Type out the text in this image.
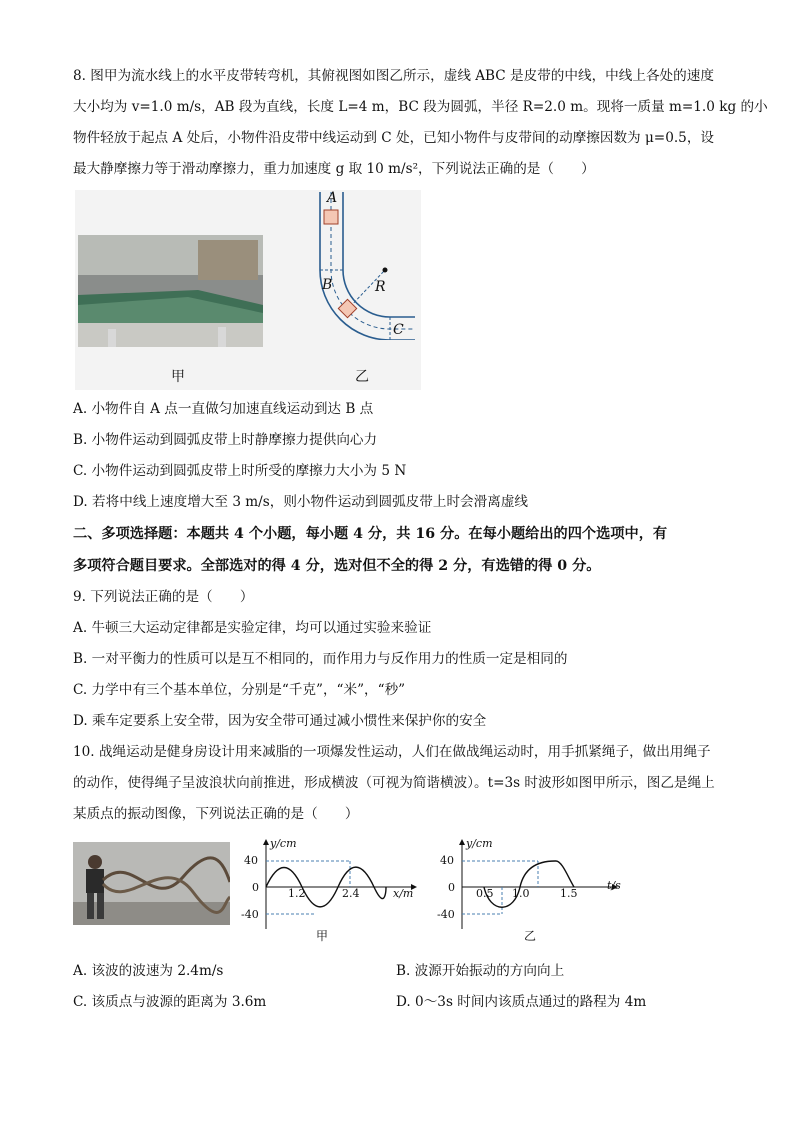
8. 图甲为流水线上的水平皮带转弯机，其俯视图如图乙所示，虚线 ABC 是皮带的中线，中线上各处的速度
大小均为 v=1.0 m/s，AB 段为直线，长度 L=4 m，BC 段为圆弧，半径 R=2.0 m。现将一质量 m=1.0 kg 的小
物件轻放于起点 A 处后，小物件沿皮带中线运动到 C 处，已知小物件与皮带间的动摩擦因数为 μ=0.5，设
最大静摩擦力等于滑动摩擦力，重力加速度 g 取 10 m/s²，下列说法正确的是（　　）
A
B
C
R
甲	乙
A. 小物件自 A 点一直做匀加速直线运动到达 B 点
B. 小物件运动到圆弧皮带上时静摩擦力提供向心力
C. 小物件运动到圆弧皮带上时所受的摩擦力大小为 5 N
D. 若将中线上速度增大至 3 m/s，则小物件运动到圆弧皮带上时会滑离虚线
二、多项选择题：本题共 4 个小题，每小题 4 分，共 16 分。在每小题给出的四个选项中，有
多项符合题目要求。全部选对的得 4 分，选对但不全的得 2 分，有选错的得 0 分。
9. 下列说法正确的是（　　）
A. 牛顿三大运动定律都是实验定律，均可以通过实验来验证
B. 一对平衡力的性质可以是互不相同的，而作用力与反作用力的性质一定是相同的
C. 力学中有三个基本单位，分别是“千克”，“米”，“秒”
D. 乘车定要系上安全带，因为安全带可通过减小惯性来保护你的安全
10. 战绳运动是健身房设计用来减脂的一项爆发性运动，人们在做战绳运动时，用手抓紧绳子，做出用绳子
的动作，使得绳子呈波浪状向前推进，形成横波（可视为简谐横波）。t=3s 时波形如图甲所示，图乙是绳上
某质点的振动图像，下列说法正确的是（　　）
y/cm
x/m
40
-40
0	1.2	2.4
甲
y/cm
t/s
40
-40
0 0.5 1.0	1.5
乙
A. 该波的波速为 2.4m/s	B. 波源开始振动的方向向上
C. 该质点与波源的距离为 3.6m	D. 0～3s 时间内该质点通过的路程为 4m
